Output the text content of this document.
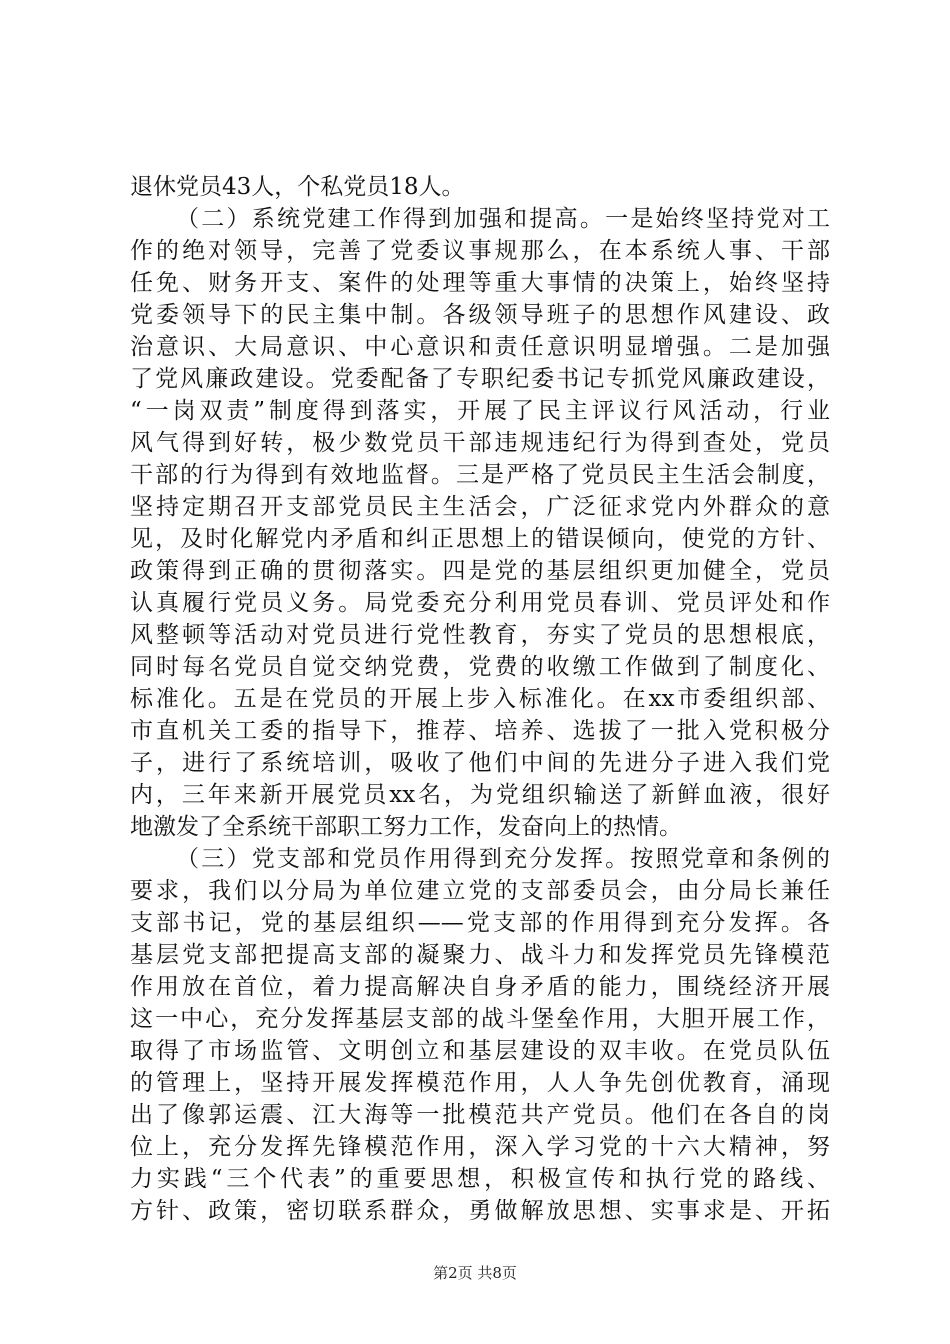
退休党员43人，个私党员18人。
（二）系统党建工作得到加强和提高。一是始终坚持党对工
作的绝对领导，完善了党委议事规那么，在本系统人事、干部
任免、财务开支、案件的处理等重大事情的决策上，始终坚持
党委领导下的民主集中制。各级领导班子的思想作风建设、政
治意识、大局意识、中心意识和责任意识明显增强。二是加强
了党风廉政建设。党委配备了专职纪委书记专抓党风廉政建设，
“一岗双责”制度得到落实，开展了民主评议行风活动，行业
风气得到好转，极少数党员干部违规违纪行为得到查处，党员
干部的行为得到有效地监督。三是严格了党员民主生活会制度，
坚持定期召开支部党员民主生活会，广泛征求党内外群众的意
见，及时化解党内矛盾和纠正思想上的错误倾向，使党的方针、
政策得到正确的贯彻落实。四是党的基层组织更加健全，党员
认真履行党员义务。局党委充分利用党员春训、党员评处和作
风整顿等活动对党员进行党性教育，夯实了党员的思想根底，
同时每名党员自觉交纳党费，党费的收缴工作做到了制度化、
标准化。五是在党员的开展上步入标准化。在xx市委组织部、
市直机关工委的指导下，推荐、培养、选拔了一批入党积极分
子，进行了系统培训，吸收了他们中间的先进分子进入我们党
内，三年来新开展党员xx名，为党组织输送了新鲜血液，很好
地激发了全系统干部职工努力工作，发奋向上的热情。
（三）党支部和党员作用得到充分发挥。按照党章和条例的
要求，我们以分局为单位建立党的支部委员会，由分局长兼任
支部书记，党的基层组织——党支部的作用得到充分发挥。各
基层党支部把提高支部的凝聚力、战斗力和发挥党员先锋模范
作用放在首位，着力提高解决自身矛盾的能力，围绕经济开展
这一中心，充分发挥基层支部的战斗堡垒作用，大胆开展工作，
取得了市场监管、文明创立和基层建设的双丰收。在党员队伍
的管理上，坚持开展发挥模范作用，人人争先创优教育，涌现
出了像郭运震、江大海等一批模范共产党员。他们在各自的岗
位上，充分发挥先锋模范作用，深入学习党的十六大精神，努
力实践“三个代表”的重要思想，积极宣传和执行党的路线、
方针、政策，密切联系群众，勇做解放思想、实事求是、开拓
第2页 共8页
